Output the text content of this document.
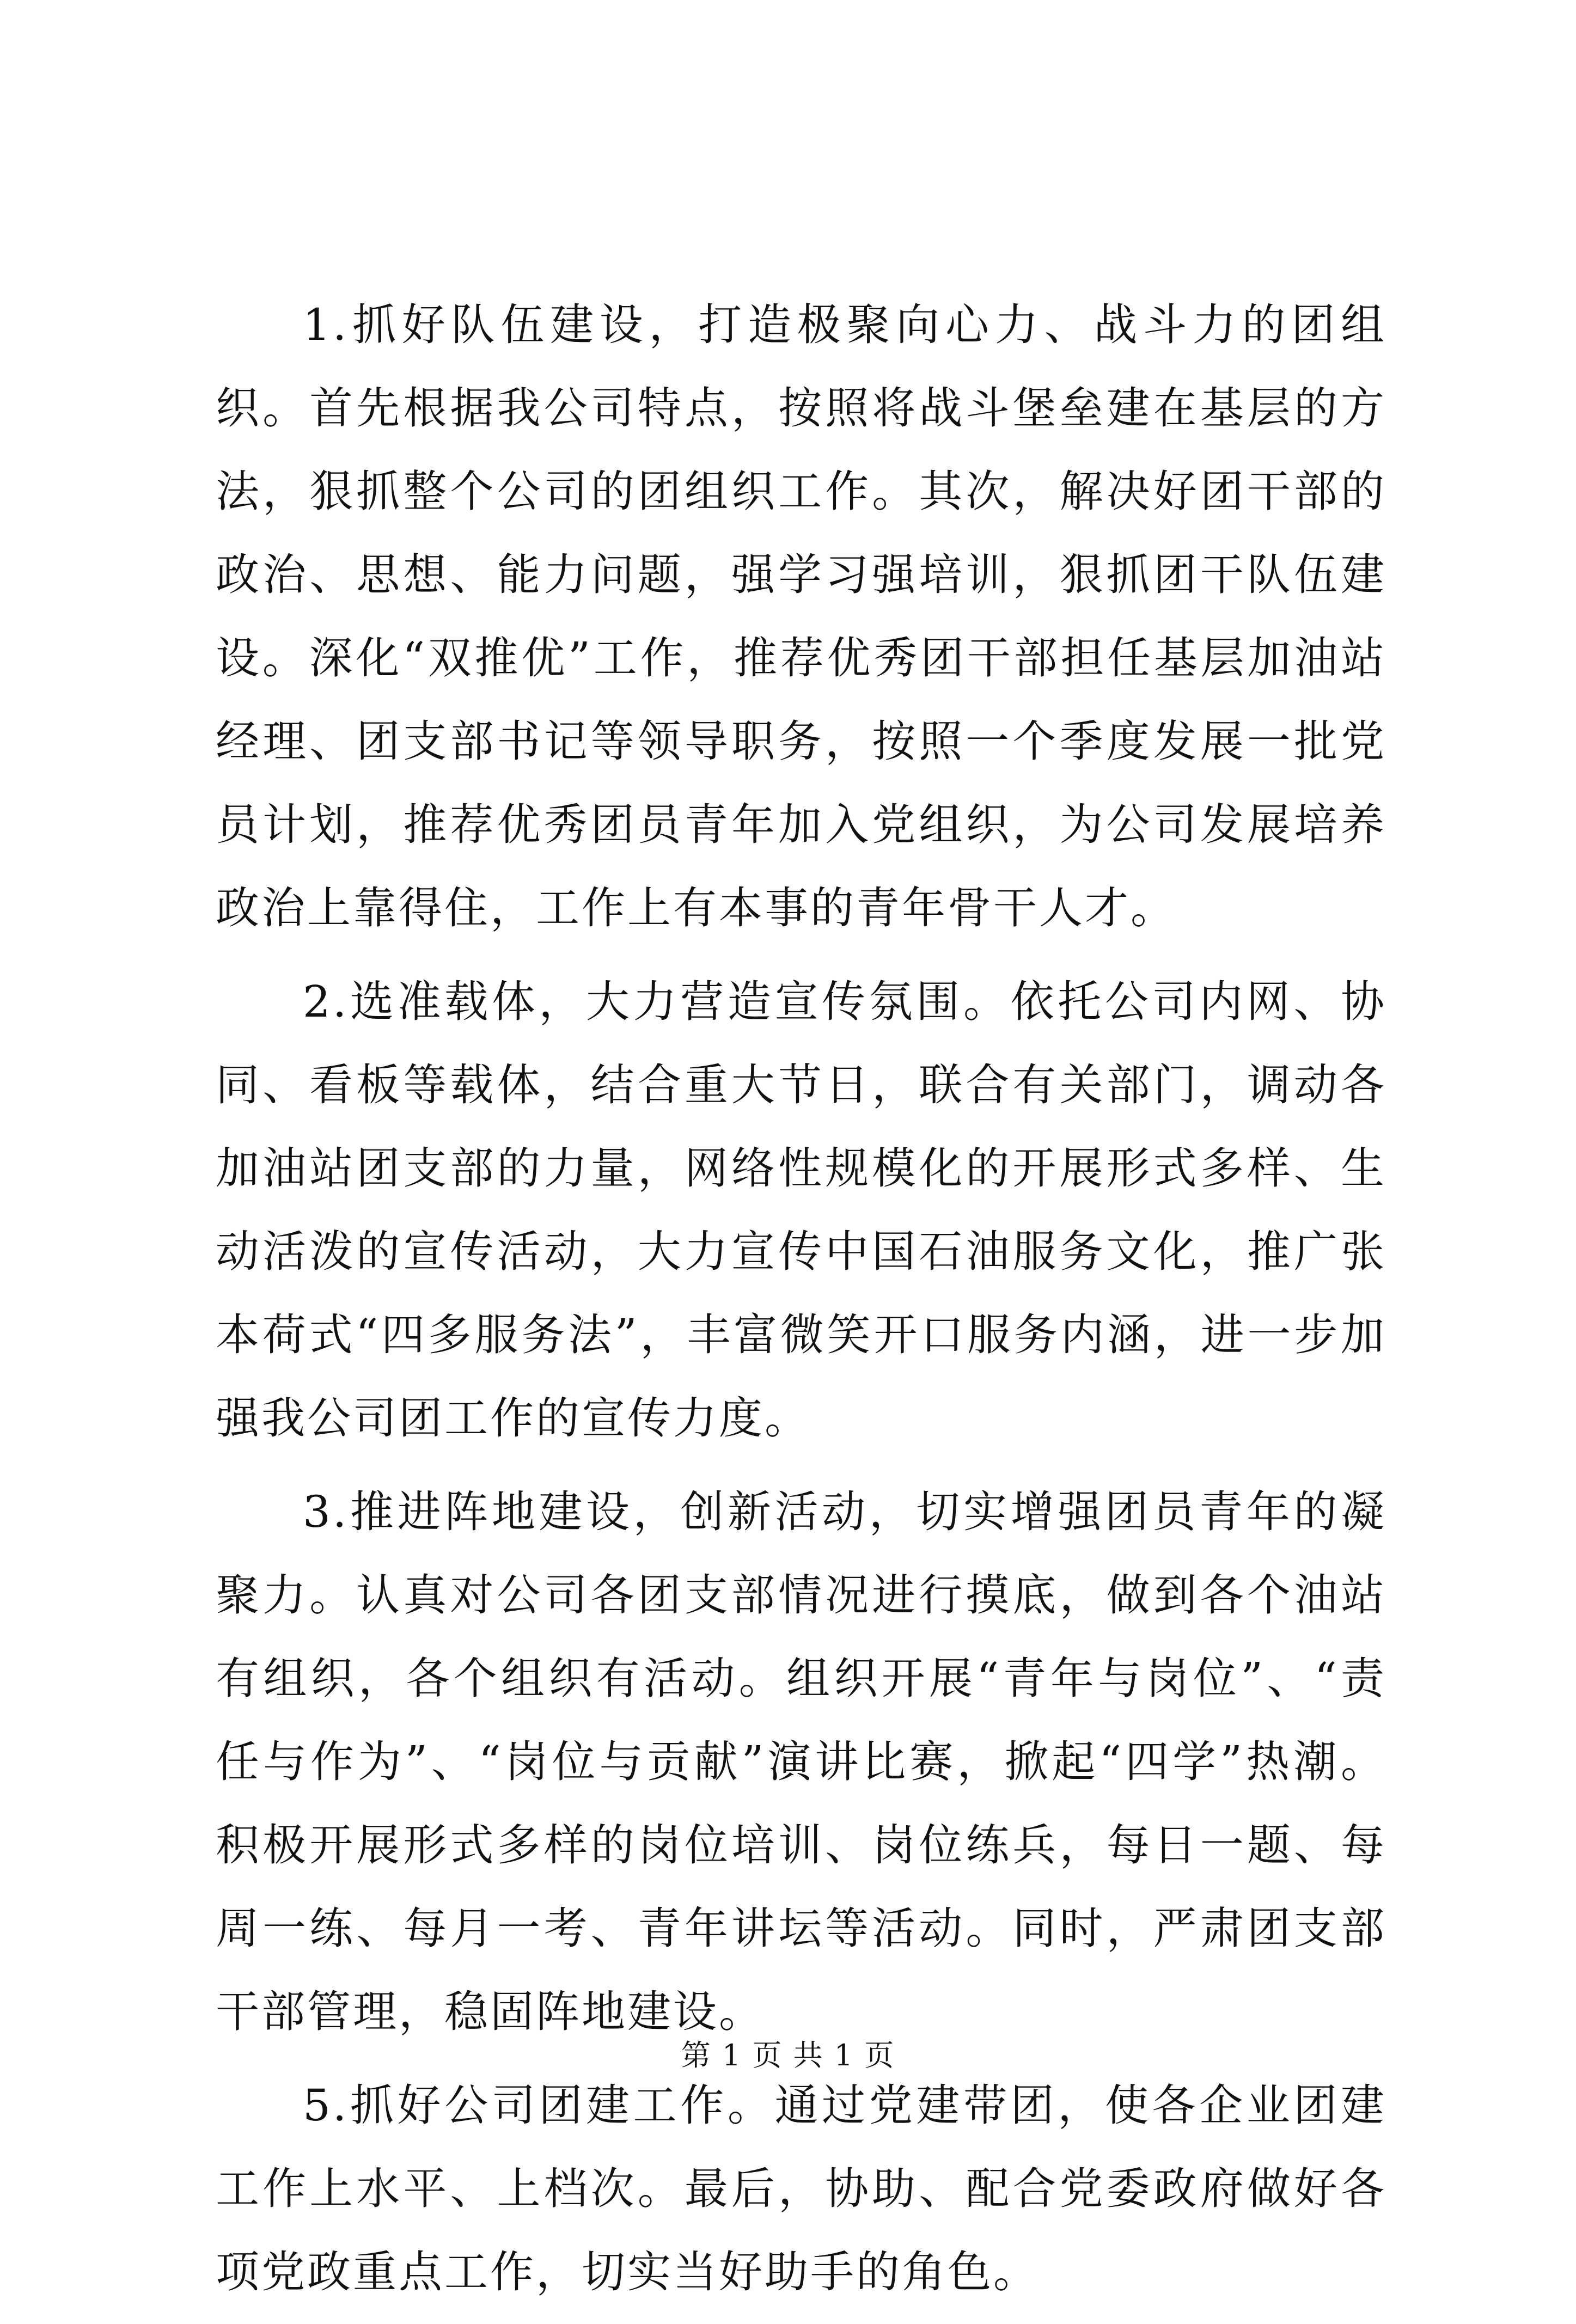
1.抓好队伍建设，打造极聚向心力、战斗力的团组织。首先根据我公司特点，按照将战斗堡垒建在基层的方法，狠抓整个公司的团组织工作。其次，解决好团干部的政治、思想、能力问题，强学习强培训，狠抓团干队伍建设。深化“双推优”工作，推荐优秀团干部担任基层加油站经理、团支部书记等领导职务，按照一个季度发展一批党员计划，推荐优秀团员青年加入党组织，为公司发展培养政治上靠得住，工作上有本事的青年骨干人才。

2.选准载体，大力营造宣传氛围。依托公司内网、协同、看板等载体，结合重大节日，联合有关部门，调动各加油站团支部的力量，网络性规模化的开展形式多样、生动活泼的宣传活动，大力宣传中国石油服务文化，推广张本荷式“四多服务法”，丰富微笑开口服务内涵，进一步加强我公司团工作的宣传力度。

3.推进阵地建设，创新活动，切实增强团员青年的凝聚力。认真对公司各团支部情况进行摸底，做到各个油站有组织，各个组织有活动。组织开展“青年与岗位”、“责任与作为”、“岗位与贡献”演讲比赛，掀起“四学”热潮。积极开展形式多样的岗位培训、岗位练兵，每日一题、每周一练、每月一考、青年讲坛等活动。同时，严肃团支部干部管理，稳固阵地建设。

5.抓好公司团建工作。通过党建带团，使各企业团建工作上水平、上档次。最后，协助、配合党委政府做好各项党政重点工作，切实当好助手的角色。

第 1 页 共 1 页
